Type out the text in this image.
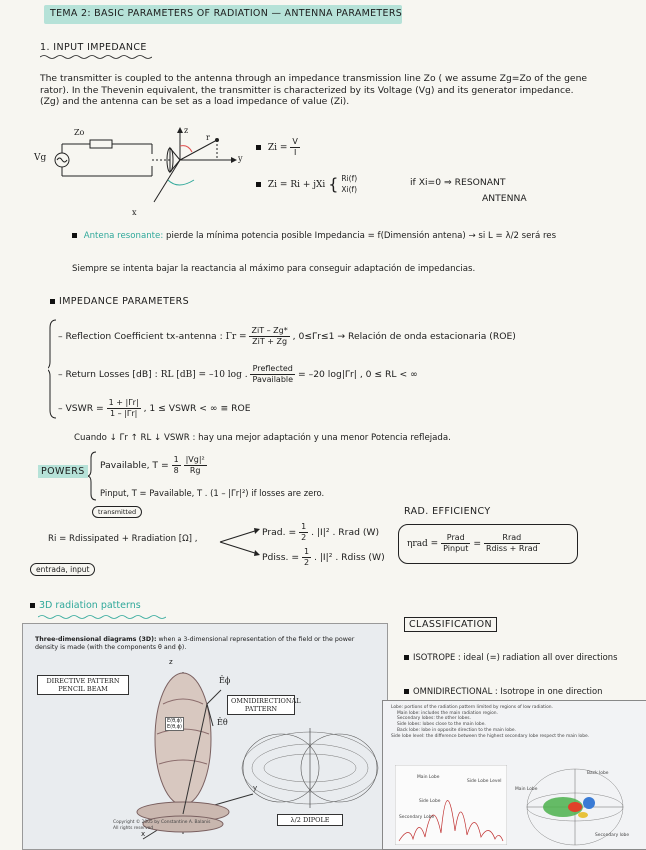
TEMA 2: BASIC PARAMETERS OF RADIATION — ANTENNA PARAMETERS
1. INPUT IMPEDANCE
The transmitter is coupled to the antenna through an impedance transmission line Zo ( we assume Zg=Zo of the gene
rator). In the Thevenin equivalent, the transmitter is characterized by its Voltage (Vg) and its generator impedance.
(Zg) and the antenna can be set as a load impedance of value (Zi).
Zo
Vg
z
y
x
r
$Zi = \frac{V}{I}$
Zi = Ri + jXi { Ri(f)
Xi(f)
if Xi=0 ⇒ RESONANT
ANTENNA
Antena resonante: pierde la mínima potencia posible Impedancia = f(Dimensión antena) → si L = λ/2 será res
Siempre se intenta bajar la reactancia al máximo para conseguir adaptación de impedancias.
IMPEDANCE PARAMETERS
– Reflection Coefficient tx-antenna : $\Gamma r = \frac{\text{ZiT – Zg*}}{\text{ZiT + Zg}}$ , 0≤Γr≤1 → Relación de onda estacionaria (ROE)
– Return Losses [dB] : RL [dB] = –10 log . $\frac{\text{Preflected}}{\text{Pavailable}} = -20$ log|Γr| , 0 ≤ RL < ∞
– VSWR = $\frac{1 + |\Gamma r|}{1 - |\Gamma r|}$ , 1 ≤ VSWR < ∞ ≡ ROE
Cuando ↓ Γr ↑ RL ↓ VSWR : hay una mejor adaptación y una menor Potencia reflejada.
POWERS
Pavailable, $T = \frac{1}{8}$
$\frac{\text{|Vg|²}}{Rg}$
Pinput, T = Pavailable, T . (1 – |Γr|²) if losses are zero.
transmitted
Ri = Rdissipated + Rradiation [Ω] ,
Prad. = $\frac{1}{2}$ . |I|² . Rrad (W)
Pdiss. = $\frac{1}{2}$ . |I|² . Rdiss (W)
entrada, input
RAD. EFFICIENCY
$\eta rad = \frac{\text{Prad}}{\text{Pinput}} = \frac{\text{Rrad}}{\text{Rdiss + Rrad}}$
3D radiation patterns
Three-dimensional diagrams (3D): when a 3-dimensional representation of the field or the power density is made (with the components θ and ϕ).
DIRECTIVE PATTERN
PENCIL BEAM
z
y
x
Êϕ
Êθ
E(θ,ϕ)
E(θ,ϕ)
OMNIDIRECTIONAL
PATTERN
λ/2 DIPOLE
Copyright © 2005 by Constantine A. Balanis
All rights reserved
CLASSIFICATION
ISOTROPE : ideal (=) radiation all over directions
OMNIDIRECTIONAL : Isotrope in one direction
Lobe: portions of the radiation pattern limited by regions of low radiation.
Main lobe: includes the main radiation region.
Secondary lobes: the other lobes.
Side lobes: lobes close to the main lobe.
Back lobe: lobe in opposite direction to the main lobe.
Side lobe level: the difference between the highest secondary lobe respect the main lobe.
Main Lobe
Side Lobe Level
Side Lobe
Secondary Lobe
Back lobe
Main Lobe
Secondary lobe
